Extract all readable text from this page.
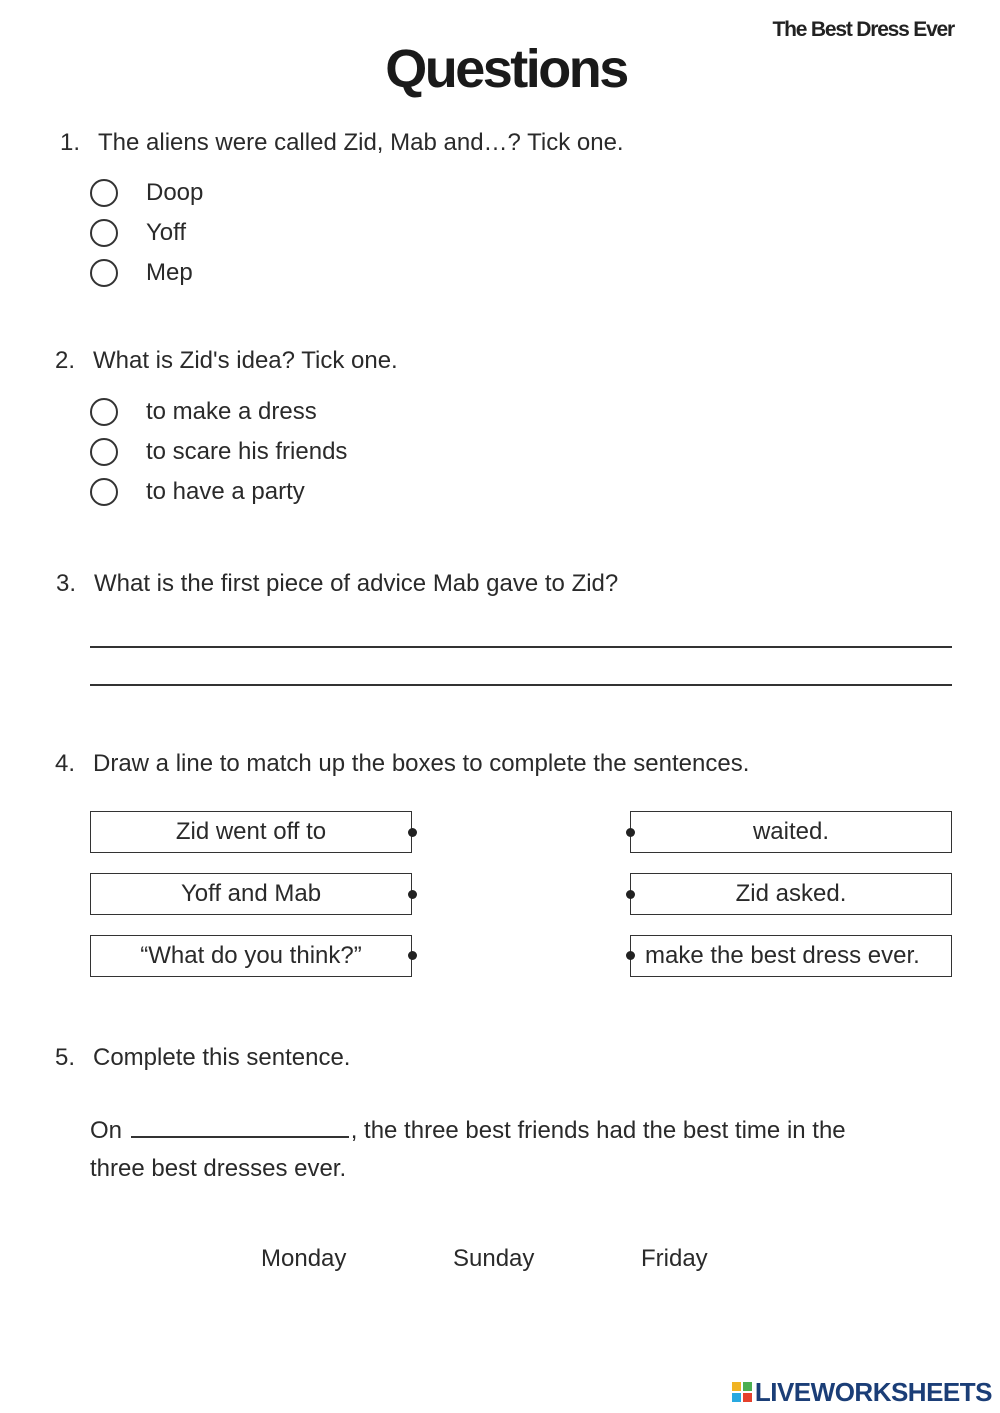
The Best Dress Ever
Questions
1. The aliens were called Zid, Mab and…? Tick one.
Doop
Yoff
Mep
2. What is Zid's idea? Tick one.
to make a dress
to scare his friends
to have a party
3. What is the first piece of advice Mab gave to Zid?
4. Draw a line to match up the boxes to complete the sentences.
Zid went off to
Yoff and Mab
“What do you think?”
waited.
Zid asked.
make the best dress ever.
5. Complete this sentence.
On	, the three best friends had the best time in the
three best dresses ever.
Monday	Sunday	Friday
LIVEWORKSHEETS
